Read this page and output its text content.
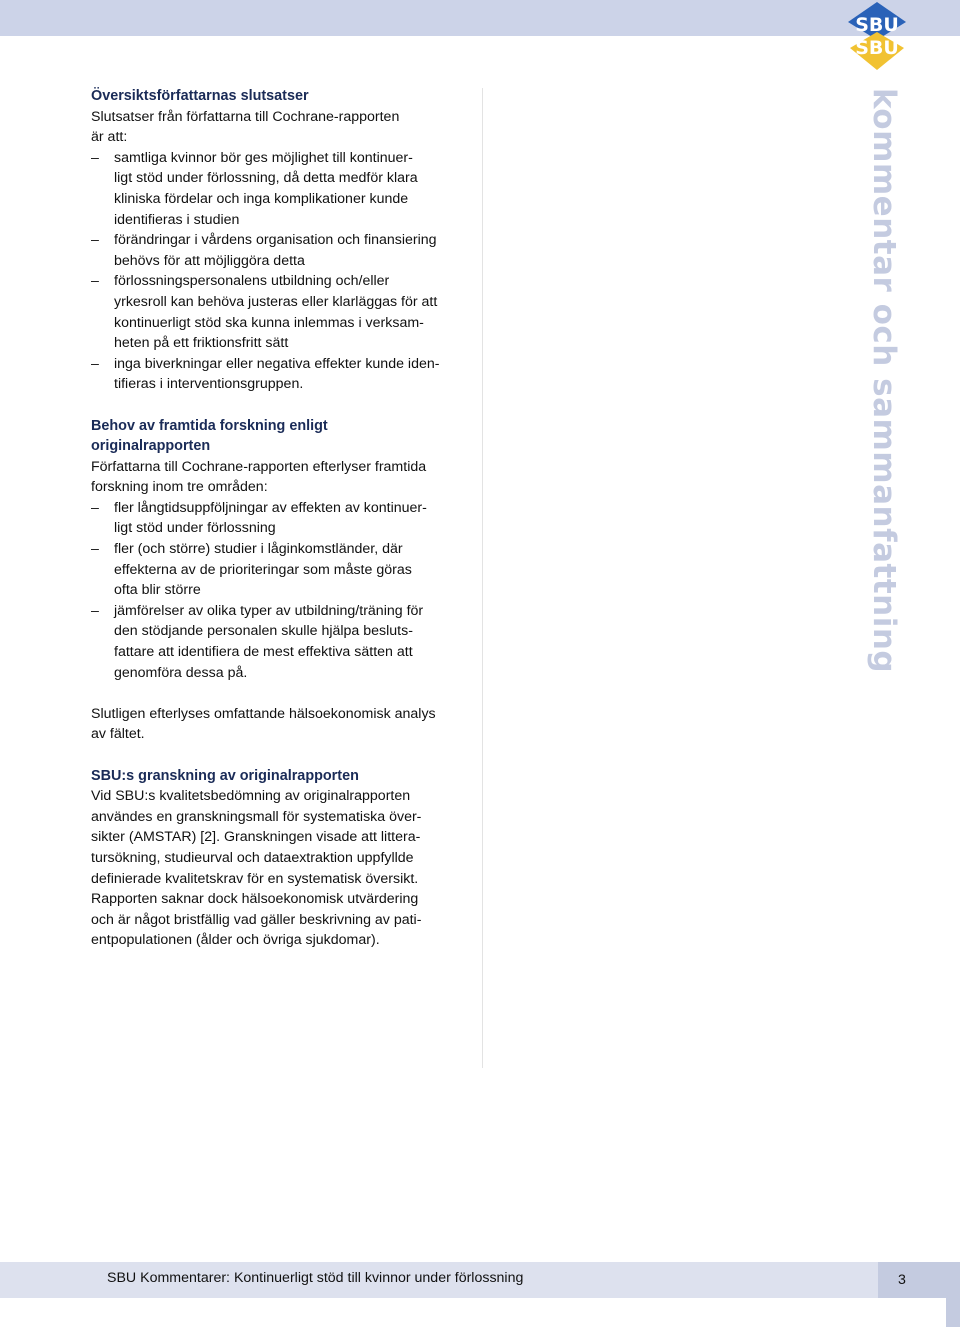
SBU
SBU
kommentar och sammanfattning
Översiktsförfattarnas slutsatser

Slutsatser från författarna till Cochrane-rapporten

är att:

– samtliga kvinnor bör ges möjlighet till kontinuer-
ligt stöd under förlossning, då detta medför klara
kliniska fördelar och inga komplikationer kunde
identifieras i studien
– förändringar i vårdens organisation och finansiering
behövs för att möjliggöra detta
– förlossningspersonalens utbildning och/eller
yrkesroll kan behöva justeras eller klarläggas för att
kontinuerligt stöd ska kunna inlemmas i verksam-
heten på ett friktionsfritt sätt
– inga biverkningar eller negativa effekter kunde iden-
tifieras i interventionsgruppen.
Behov av framtida forskning enligt
originalrapporten

Författarna till Cochrane-rapporten efterlyser framtida

forskning inom tre områden:

– fler långtidsuppföljningar av effekten av kontinuer-
ligt stöd under förlossning
– fler (och större) studier i låginkomstländer, där
effekterna av de prioriteringar som måste göras
ofta blir större
– jämförelser av olika typer av utbildning/träning för
den stödjande personalen skulle hjälpa besluts-
fattare att identifiera de mest effektiva sätten att
genomföra dessa på.

Slutligen efterlyses omfattande hälsoekonomisk analys

av fältet.

SBU:s granskning av originalrapporten

Vid SBU:s kvalitetsbedömning av originalrapporten

användes en granskningsmall för systematiska över-

sikter (AMSTAR) [2]. Granskningen visade att littera-

tursökning, studieurval och dataextraktion uppfyllde

definierade kvalitetskrav för en systematisk översikt.

Rapporten saknar dock hälsoekonomisk utvärdering

och är något bristfällig vad gäller beskrivning av pati-

entpopulationen (ålder och övriga sjukdomar).

SBU Kommentarer: Kontinuerligt stöd till kvinnor under förlossning	3
